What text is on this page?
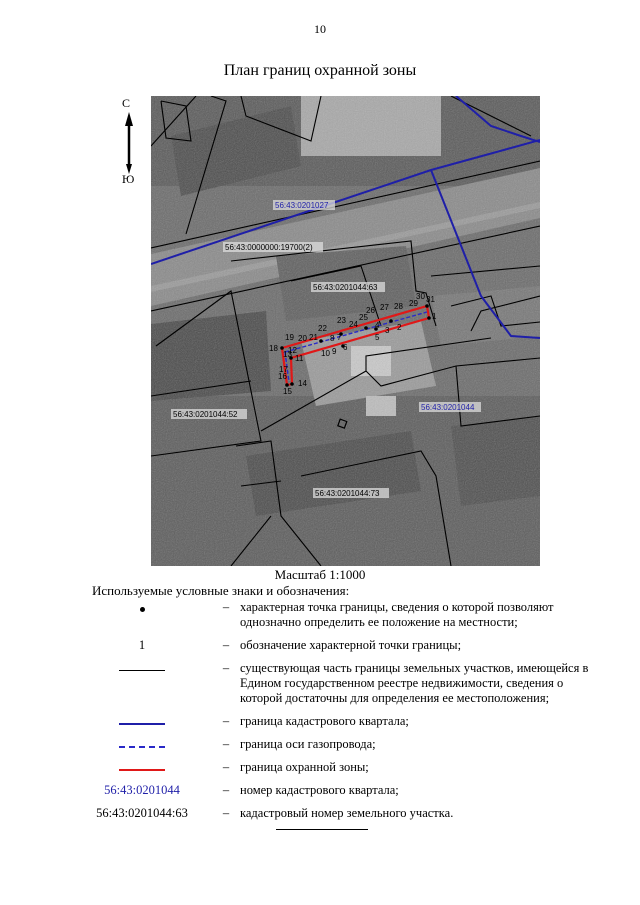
10
План границ охранной зоны
С
Ю
1
2
3
4
5
6
7
8
9
10
11
12
13
14
15
16
17
18
19 20 21
22
23 24
25
26 27 28 29
30 31
56:43:0201027
56:43:0000000:19700(2)
56:43:0201044:63
56:43:0201044:52
56:43:0201044
56:43:0201044:73
Масштаб 1:1000
Используемые условные знаки и обозначения:
– характерная точка границы, сведения о которой позволяют однозначно определить ее положение на местности;
1	– обозначение характерной точки границы;
– существующая часть границы земельных участков, имеющейся в Едином государственном реестре недвижимости, сведения о которой достаточны для определения ее местоположения;
– граница кадастрового квартала;
– граница оси газопровода;
– граница охранной зоны;
56:43:0201044	– номер кадастрового квартала;
56:43:0201044:63	– кадастровый номер земельного участка.
